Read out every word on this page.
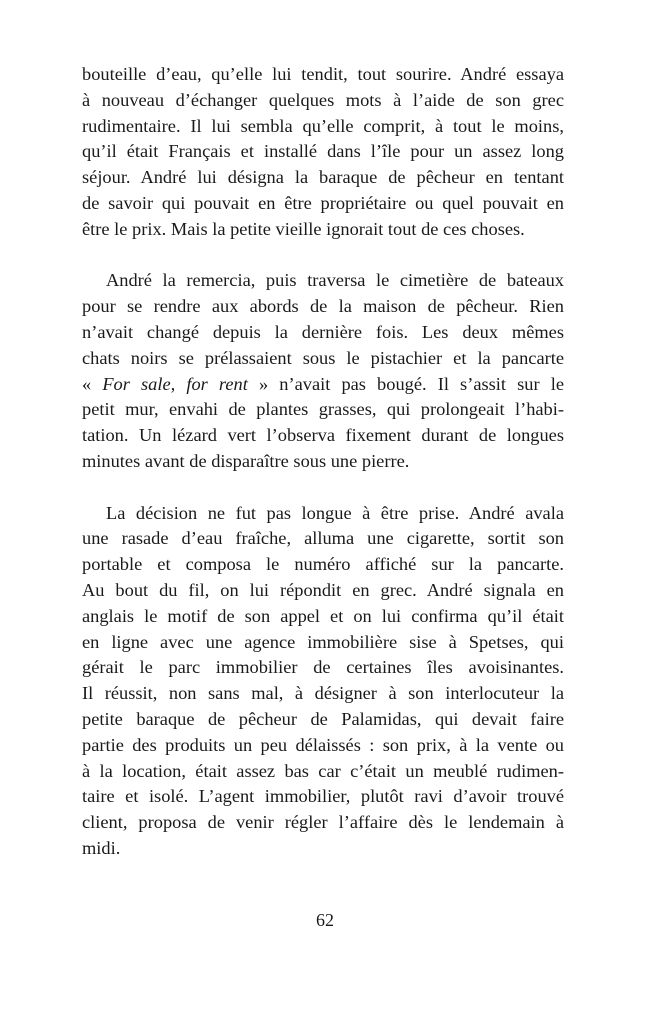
bouteille d’eau, qu’elle lui tendit, tout sourire. André essaya
à nouveau d’échanger quelques mots à l’aide de son grec
rudimentaire. Il lui sembla qu’elle comprit, à tout le moins,
qu’il était Français et installé dans l’île pour un assez long
séjour. André lui désigna la baraque de pêcheur en tentant
de savoir qui pouvait en être propriétaire ou quel pouvait en
être le prix. Mais la petite vieille ignorait tout de ces choses.
André la remercia, puis traversa le cimetière de bateaux
pour se rendre aux abords de la maison de pêcheur. Rien
n’avait changé depuis la dernière fois. Les deux mêmes
chats noirs se prélassaient sous le pistachier et la pancarte
« For sale, for rent » n’avait pas bougé. Il s’assit sur le
petit mur, envahi de plantes grasses, qui prolongeait l’habi-
tation. Un lézard vert l’observa fixement durant de longues
minutes avant de disparaître sous une pierre.
La décision ne fut pas longue à être prise. André avala
une rasade d’eau fraîche, alluma une cigarette, sortit son
portable et composa le numéro affiché sur la pancarte.
Au bout du fil, on lui répondit en grec. André signala en
anglais le motif de son appel et on lui confirma qu’il était
en ligne avec une agence immobilière sise à Spetses, qui
gérait le parc immobilier de certaines îles avoisinantes.
Il réussit, non sans mal, à désigner à son interlocuteur la
petite baraque de pêcheur de Palamidas, qui devait faire
partie des produits un peu délaissés : son prix, à la vente ou
à la location, était assez bas car c’était un meublé rudimen-
taire et isolé. L’agent immobilier, plutôt ravi d’avoir trouvé
client, proposa de venir régler l’affaire dès le lendemain à
midi.
62
